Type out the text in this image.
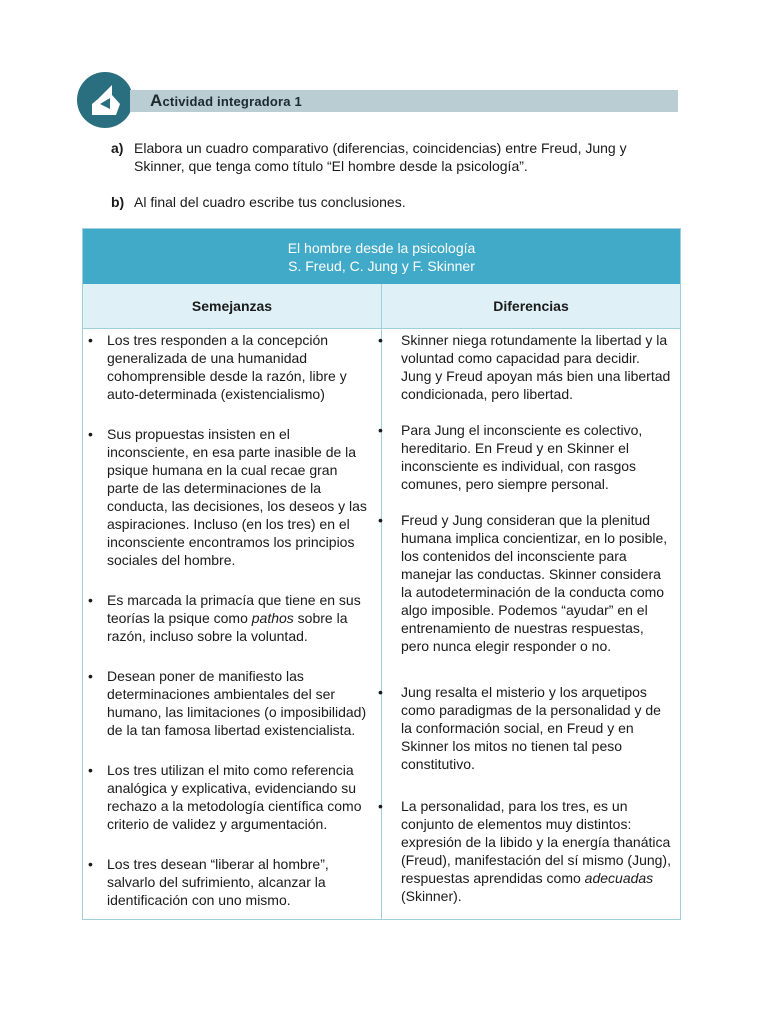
Actividad integradora 1
a) Elabora un cuadro comparativo (diferencias, coincidencias) entre Freud, Jung y Skinner, que tenga como título “El hombre desde la psicología”.
b) Al final del cuadro escribe tus conclusiones.
El hombre desde la psicología
S. Freud, C. Jung y F. Skinner
Semejanzas	Diferencias
• Los tres responden a la concepción generalizada de una humanidad cohomprensible desde la razón, libre y auto-determinada (existencialismo)
• Sus propuestas insisten en el inconsciente, en esa parte inasible de la psique humana en la cual recae gran parte de las determinaciones de la conducta, las decisiones, los deseos y las aspiraciones. Incluso (en los tres) en el inconsciente encontramos los principios sociales del hombre.
• Es marcada la primacía que tiene en sus teorías la psique como pathos sobre la razón, incluso sobre la voluntad.
• Desean poner de manifiesto las determinaciones ambientales del ser humano, las limitaciones (o imposibilidad) de la tan famosa libertad existencialista.
• Los tres utilizan el mito como referencia analógica y explicativa, evidenciando su rechazo a la metodología científica como criterio de validez y argumentación.
• Los tres desean “liberar al hombre”, salvarlo del sufrimiento, alcanzar la identificación con uno mismo.
• Skinner niega rotundamente la libertad y la voluntad como capacidad para decidir. Jung y Freud apoyan más bien una libertad condicionada, pero libertad.
• Para Jung el inconsciente es colectivo, hereditario. En Freud y en Skinner el inconsciente es individual, con rasgos comunes, pero siempre personal.
• Freud y Jung consideran que la plenitud humana implica concientizar, en lo posible, los contenidos del inconsciente para manejar las conductas. Skinner considera la autodeterminación de la conducta como algo imposible. Podemos “ayudar” en el entrenamiento de nuestras respuestas, pero nunca elegir responder o no.
• Jung resalta el misterio y los arquetipos como paradigmas de la personalidad y de la conformación social, en Freud y en Skinner los mitos no tienen tal peso constitutivo.
• La personalidad, para los tres, es un conjunto de elementos muy distintos: expresión de la libido y la energía thanática (Freud), manifestación del sí mismo (Jung), respuestas aprendidas como adecuadas (Skinner).
